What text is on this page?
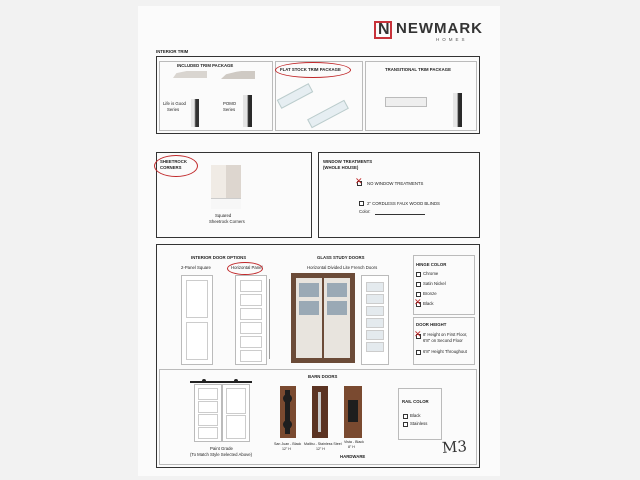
N NEWMARK
HOMES
INTERIOR TRIM
INCLUDED TRIM PACKAGE
Life is Good
Series
POMO
Series
FLAT STOCK TRIM PACKAGE	TRANSITIONAL TRIM PACKAGE
SHEETROCK
CORNERS
Squared
Sheetrock Corners
WINDOW TREATMENTS
(WHOLE HOUSE)
✕ NO WINDOW TREATMENTS
2" CORDLESS FAUX WOOD BLINDS
Color:
INTERIOR DOOR OPTIONS
2-Panel Square	Horizontal Panel
GLASS STUDY DOORS
Horizontal Divided Lite French Doors
HINGE COLOR
Chrome
Satin Nickel
Bronze
✕ Black
DOOR HEIGHT
✕ 8' Height on First Floor,
6'8" on Second Floor
6'8" Height Throughout
BARN DOORS
Paint Grade
(To Match Style Selected Above)
San Juan - Black
12" H
Malibu - Stainless Steel
12" H
Vista - Black
8" H
HARDWARE
RAIL COLOR
Black
Stainless
M3
